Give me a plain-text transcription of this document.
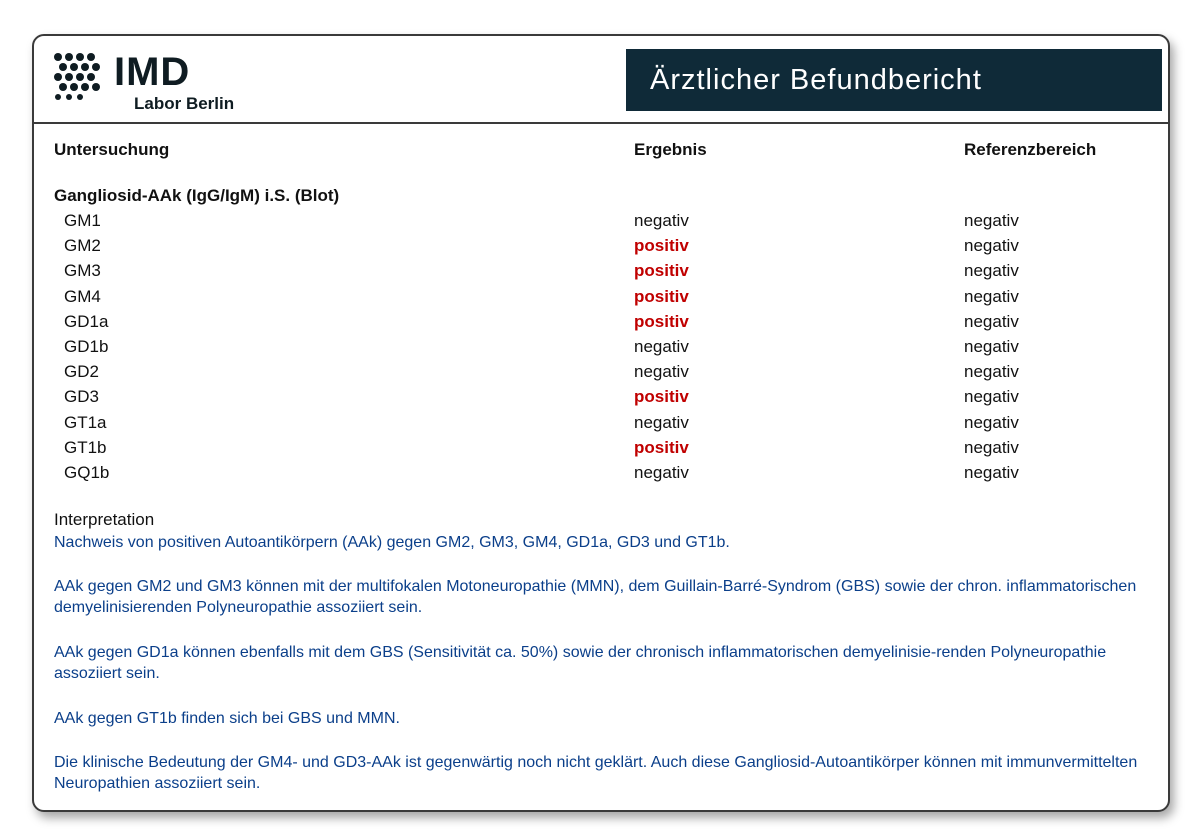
IMD
Labor Berlin
Ärztlicher Befundbericht
Untersuchung	Ergebnis	Referenzbereich
Gangliosid-AAk (IgG/IgM) i.S. (Blot)
GM1	negativ	negativ
GM2	positiv	negativ
GM3	positiv	negativ
GM4	positiv	negativ
GD1a	positiv	negativ
GD1b	negativ	negativ
GD2	negativ	negativ
GD3	positiv	negativ
GT1a	negativ	negativ
GT1b	positiv	negativ
GQ1b	negativ	negativ
Interpretation
Nachweis von positiven Autoantikörpern (AAk) gegen GM2, GM3, GM4, GD1a, GD3 und GT1b.
AAk gegen GM2 und GM3 können mit der multifokalen Motoneuropathie (MMN), dem Guillain-Barré-Syndrom (GBS) sowie der chron. inflammatorischen demyelinisierenden Polyneuropathie assoziiert sein.
AAk gegen GD1a können ebenfalls mit dem GBS (Sensitivität ca. 50%) sowie der chronisch inflammatorischen demyelinisie-renden Polyneuropathie assoziiert sein.
AAk gegen GT1b finden sich bei GBS und MMN.
Die klinische Bedeutung der GM4- und GD3-AAk ist gegenwärtig noch nicht geklärt. Auch diese Gangliosid-Autoantikörper können mit immunvermittelten Neuropathien assoziiert sein.
